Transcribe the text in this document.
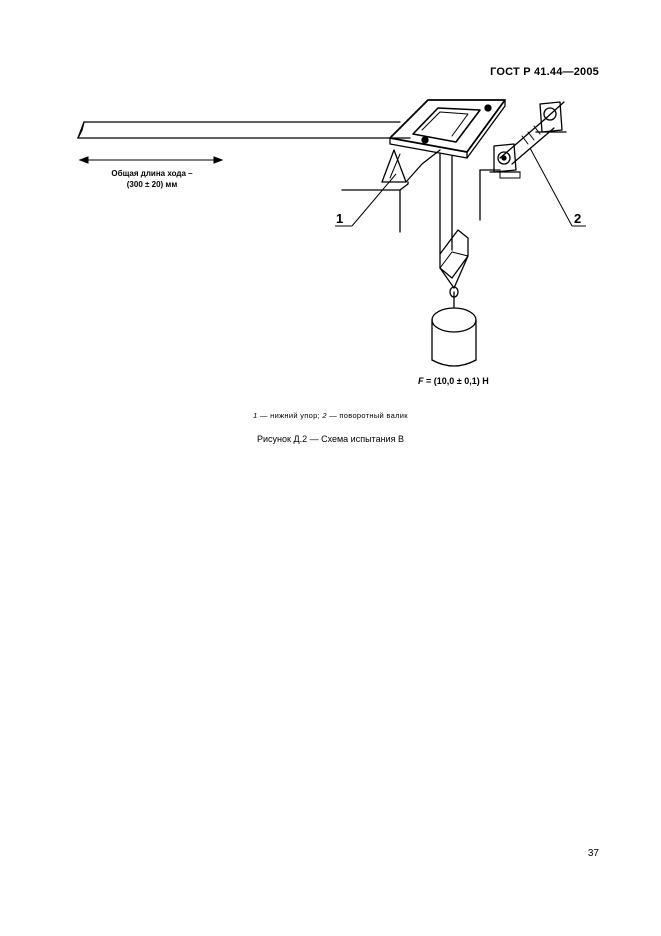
ГОСТ Р 41.44—2005
Общая длина хода –
(300 ± 20) мм
1	2
F = (10,0 ± 0,1) Н
1 — нижний упор; 2 — поворотный валик
Рисунок Д.2 — Схема испытания В
37
